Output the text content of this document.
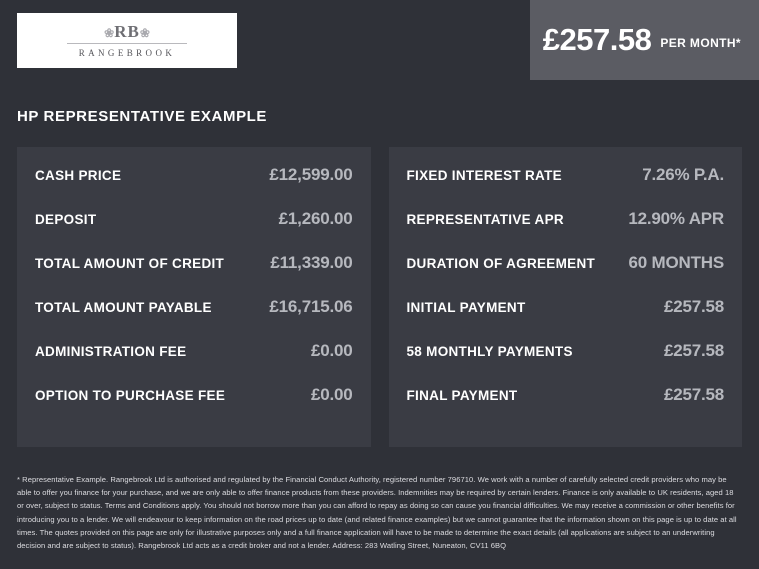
❀RB❀
RANGEBROOK	£257.58 PER MONTH*
HP REPRESENTATIVE EXAMPLE
CASH PRICE	£12,599.00
DEPOSIT	£1,260.00
TOTAL AMOUNT OF CREDIT	£11,339.00
TOTAL AMOUNT PAYABLE	£16,715.06
ADMINISTRATION FEE	£0.00
OPTION TO PURCHASE FEE	£0.00
FIXED INTEREST RATE	7.26% P.A.
REPRESENTATIVE APR	12.90% APR
DURATION OF AGREEMENT 60 MONTHS
INITIAL PAYMENT	£257.58
58 MONTHLY PAYMENTS	£257.58
FINAL PAYMENT	£257.58

* Representative Example. Rangebrook Ltd is authorised and regulated by the Financial Conduct Authority, registered number 796710. We work with a number of carefully selected credit providers who may be able to offer you finance for your purchase, and we are only able to offer finance products from these providers. Indemnities may be required by certain lenders. Finance is only available to UK residents, aged 18 or over, subject to status. Terms and Conditions apply. You should not borrow more than you can afford to repay as doing so can cause you financial difficulties. We may receive a commission or other benefits for introducing you to a lender. We will endeavour to keep information on the road prices up to date (and related finance examples) but we cannot guarantee that the information shown on this page is up to date at all times. The quotes provided on this page are only for illustrative purposes only and a full finance application will have to be made to determine the exact details (all applications are subject to an underwriting decision and are subject to status). Rangebrook Ltd acts as a credit broker and not a lender. Address: 283 Watling Street, Nuneaton, CV11 6BQ
